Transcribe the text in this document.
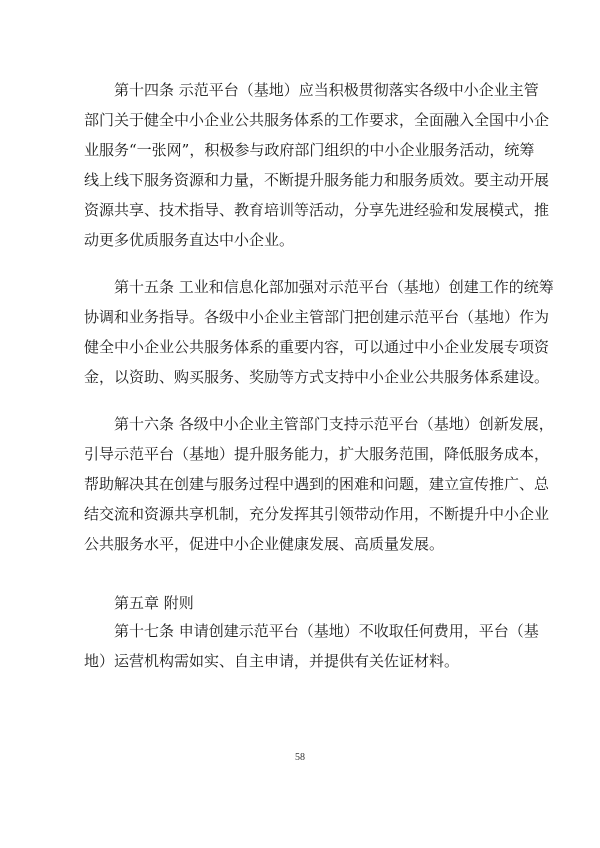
第十四条 示范平台（基地）应当积极贯彻落实各级中小企业主管
部门关于健全中小企业公共服务体系的工作要求，全面融入全国中小企
业服务“一张网”，积极参与政府部门组织的中小企业服务活动，统筹
线上线下服务资源和力量，不断提升服务能力和服务质效。要主动开展
资源共享、技术指导、教育培训等活动，分享先进经验和发展模式，推
动更多优质服务直达中小企业。
第十五条 工业和信息化部加强对示范平台（基地）创建工作的统筹
协调和业务指导。各级中小企业主管部门把创建示范平台（基地）作为
健全中小企业公共服务体系的重要内容，可以通过中小企业发展专项资
金，以资助、购买服务、奖励等方式支持中小企业公共服务体系建设。
第十六条 各级中小企业主管部门支持示范平台（基地）创新发展，
引导示范平台（基地）提升服务能力，扩大服务范围，降低服务成本，
帮助解决其在创建与服务过程中遇到的困难和问题，建立宣传推广、总
结交流和资源共享机制，充分发挥其引领带动作用，不断提升中小企业
公共服务水平，促进中小企业健康发展、高质量发展。

第五章 附则

第十七条 申请创建示范平台（基地）不收取任何费用，平台（基
地）运营机构需如实、自主申请，并提供有关佐证材料。
58
